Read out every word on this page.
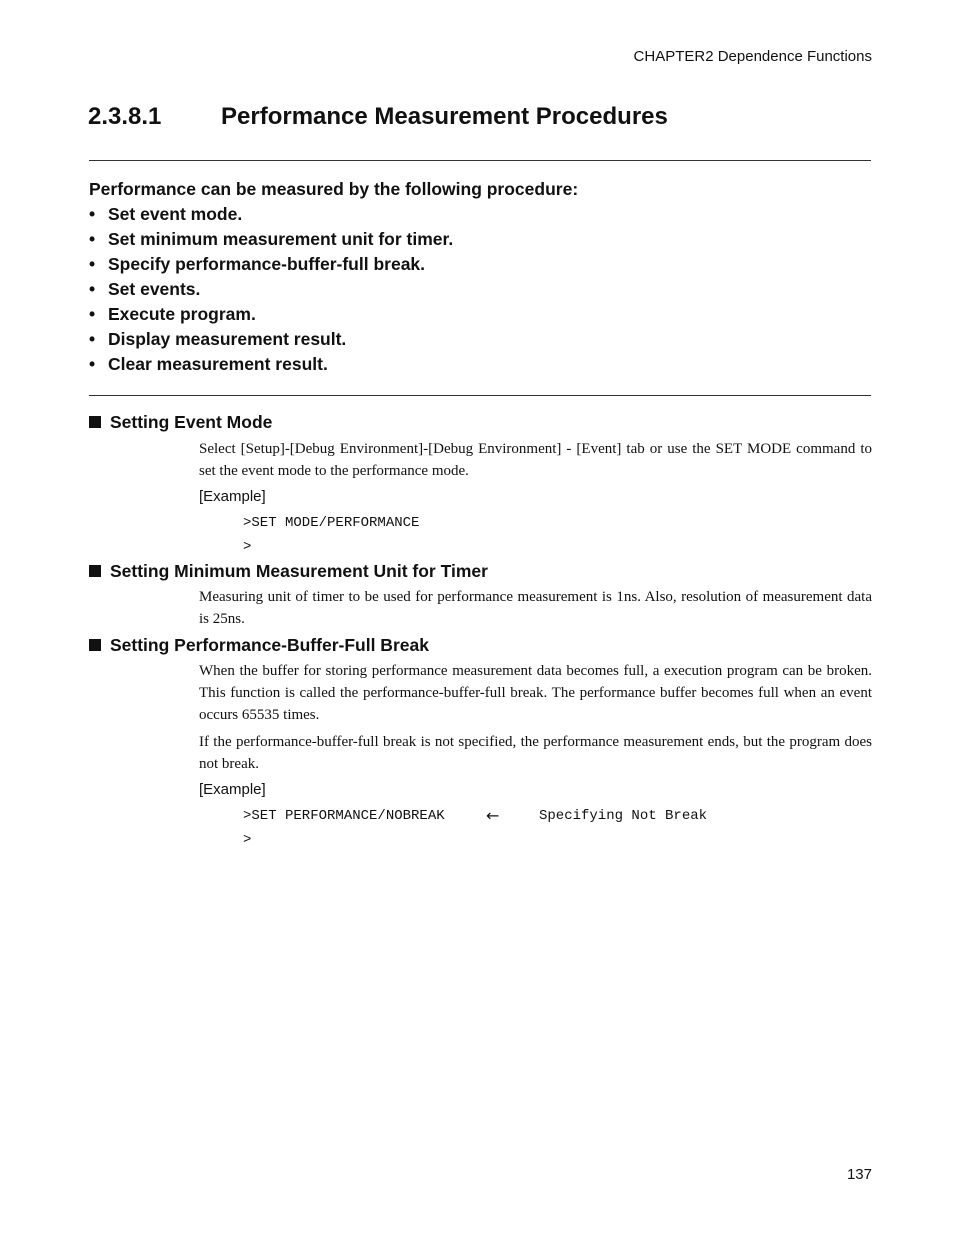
CHAPTER2 Dependence Functions
2.3.8.1 Performance Measurement Procedures
Performance can be measured by the following procedure:
• Set event mode.
• Set minimum measurement unit for timer.
• Specify performance-buffer-full break.
• Set events.
• Execute program.
• Display measurement result.
• Clear measurement result.
Setting Event Mode
Select [Setup]-[Debug Environment]-[Debug Environment] - [Event] tab or use the SET MODE command to set the event mode to the performance mode.
[Example]
>SET MODE/PERFORMANCE
>
Setting Minimum Measurement Unit for Timer
Measuring unit of timer to be used for performance measurement is 1ns. Also, resolution of measurement data is 25ns.
Setting Performance-Buffer-Full Break
When the buffer for storing performance measurement data becomes full, a execution program can be broken. This function is called the performance-buffer-full break. The performance buffer becomes full when an event occurs 65535 times.
If the performance-buffer-full break is not specified, the performance measurement ends, but the program does not break.
[Example]
>SET PERFORMANCE/NOBREAK	←	Specifying Not Break
>
137
